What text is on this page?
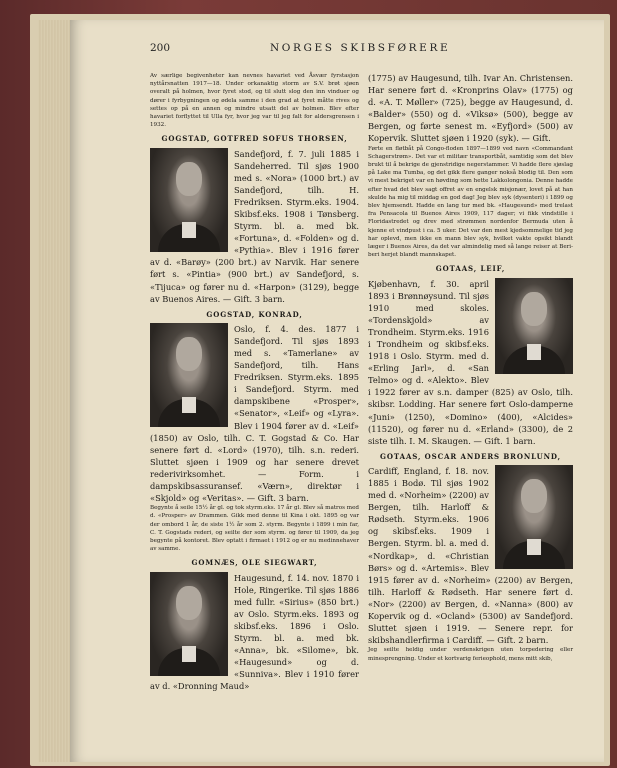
200	NORGES SKIBSFØRERE

Av særlige begivenheter kan nevnes havariet ved Åsvær fyrstasjon nyttårsnatten 1917—18. Under orkanaktig storm av S.V. brøt sjøen overalt på holmen, hvor fyret stod, og til slutt slog den inn vinduer og dører i fyrbygningen og ødela samme i den grad at fyret måtte rives og settes op på en annen og mindre utsatt del av holmen. Blev efter havariet forflyttet til Ulla fyr, hvor jeg var til jeg falt for aldersgrensen i 1932.

GOGSTAD, GOTFRED SOFUS THORSEN,

Sandefjord, f. 7. juli 1885 i Sandeherred. Til sjøs 1900 med s. «Nora» (1000 brt.) av Sandefjord, tilh. H. Fredriksen. Styrm.eks. 1904. Skibsf.eks. 1908 i Tønsberg. Styrm. bl. a. med bk. «Fortuna», d. «Folden» og d. «Pythia». Blev i 1916 fører av d. «Barøy» (200 brt.) av Narvik. Har senere ført s. «Pintia» (900 brt.) av Sandefjord, s. «Tijuca» og fører nu d. «Harpon» (3129), begge av Buenos Aires. — Gift. 3 barn.

GOGSTAD, KONRAD,

Oslo, f. 4. des. 1877 i Sandefjord. Til sjøs 1893 med s. «Tamerlane» av Sandefjord, tilh. Hans Fredriksen. Styrm.eks. 1895 i Sandefjord. Styrm. med dampskibene «Prosper», «Senator», «Leif» og «Lyra». Blev i 1904 fører av d. «Leif» (1850) av Oslo, tilh. C. T. Gogstad & Co. Har senere ført d. «Lord» (1970), tilh. s.n. rederi. Sluttet sjøen i 1909 og har senere drevet rederivirksomhet. — Form. i dampskibsassuransef. «Værn», direktør i «Skjold» og «Veritas». — Gift. 3 barn.

Begynte å seile 15½ år gl. og tok styrm.eks. 17 år gl. Blev så matros med d. «Prosper» av Drammen. Gikk med denne til Kina i okt. 1895 og var der ombord 1 år, de siste 1½ år som 2. styrm. Begynte i 1899 i min far, C. T. Gogstads rederi, og seilte der som styrm. og fører til 1909, da jeg begynte på kontoret. Blev optatt i firmaet i 1912 og er nu medinnehaver av samme.

GOMNÆS, OLE SIEGWART,

Haugesund, f. 14. nov. 1870 i Hole, Ringerike. Til sjøs 1886 med fullr. «Sirius» (850 brt.) av Oslo. Styrm.eks. 1893 og skibsf.eks. 1896 i Oslo. Styrm. bl. a. med bk. «Anna», bk. «Silome», bk. «Haugesund» og d. «Sunniva». Blev i 1910 fører av d. «Dronning Maud»

(1775) av Haugesund, tilh. Ivar An. Christensen. Har senere ført d. «Kronprins Olav» (1775) og d. «A. T. Møller» (725), begge av Haugesund, d. «Balder» (550) og d. «Viksø» (500), begge av Bergen, og førte senest m. «Eyfjord» (500) av Kopervik. Sluttet sjøen i 1920 (syk). — Gift.

Førte en fløtbåt på Congo-floden 1897—1899 ved navn «Commandant Schagerstrøm». Det var et militær transportbåt, samtidig som det blev brukt til å bekrige de gjenstridige negerstammer. Vi hadde flere sjøslag på Lake ma Tumba, og det gikk flere ganger nokså blodig til. Den som vi mest bekriget var en høvding som hette Lakkolongonia. Denne hadde efter hvad det blev sagt offret av en engelsk misjonær, lovet på at han skulde ha mig til middag en god dag! Jeg blev syk (dysenteri) i 1899 og blev hjemsendt. Hadde en lang tur med bk. «Haugesund» med trelast fra Pensacola til Buenos Aires 1909, 117 dager; vi fikk vindstille i Floridastredet og drev med strømmen nordenfor Bermuda uten å kjenne et vindpust i ca. 5 uker. Det var den mest kjedsommelige tid jeg har oplevd, men ikke en mann blev syk, hvilket vakte opsikt blandt læger i Buenos Aires, da det var almindelig med så lange reiser at Beri-beri herjet blandt mannskapet.

GOTAAS, LEIF,

Kjøbenhavn, f. 30. april 1893 i Brønnøysund. Til sjøs 1910 med skoles. «Tordenskjold» av Trondheim. Styrm.eks. 1916 i Trondheim og skibsf.eks. 1918 i Oslo. Styrm. med d. «Erling Jarl», d. «San Telmo» og d. «Alekto». Blev i 1922 fører av s.n. damper (825) av Oslo, tilh. skibsr. Lodding. Har senere ført Oslo-damperne «Juni» (1250), «Domino» (400), «Alcides» (11520), og fører nu d. «Erland» (3300), de 2 siste tilh. I. M. Skaugen. — Gift. 1 barn.

GOTAAS, OSCAR ANDERS BRONLUND,

Cardiff, England, f. 18. nov. 1885 i Bodø. Til sjøs 1902 med d. «Norheim» (2200) av Bergen, tilh. Harloff & Rødseth. Styrm.eks. 1906 og skibsf.eks. 1909 i Bergen. Styrm. bl. a. med d. «Nordkap», d. «Christian Børs» og d. «Artemis». Blev 1915 fører av d. «Norheim» (2200) av Bergen, tilh. Harloff & Rødseth. Har senere ført d. «Nor» (2200) av Bergen, d. «Nanna» (800) av Kopervik og d. «Ocland» (5300) av Sandefjord. Sluttet sjøen i 1919. — Senere repr. for skibshandlerfirma i Cardiff. — Gift. 2 barn.

Jeg seilte heldig under verdenskrigen uten torpedering eller minesprengning. Under et kortvarig ferieophold, mens mitt skib,
